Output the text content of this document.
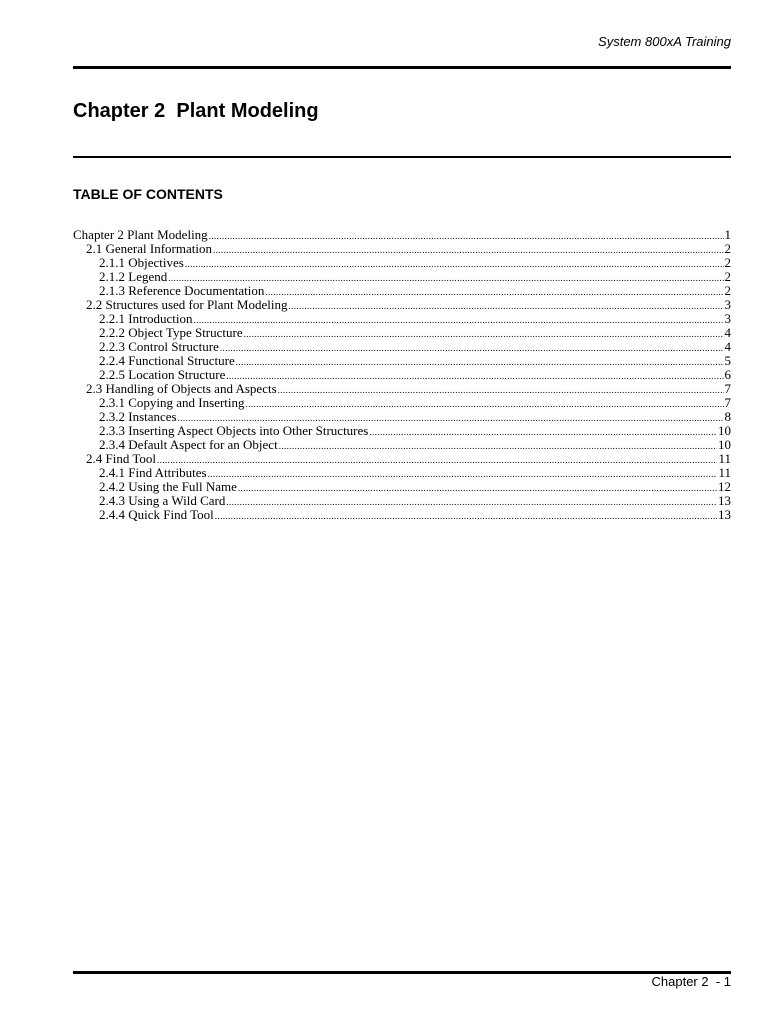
System 800xA Training
Chapter 2  Plant Modeling
TABLE OF CONTENTS
Chapter 2 Plant Modeling .....	1
2.1 General Information .....	2
2.1.1 Objectives .....	2
2.1.2 Legend .....	2
2.1.3 Reference Documentation .....	2
2.2 Structures used for Plant Modeling .....	3
2.2.1 Introduction .....	3
2.2.2 Object Type Structure .....	4
2.2.3 Control Structure .....	4
2.2.4 Functional Structure .....	5
2.2.5 Location Structure .....	6
2.3 Handling of Objects and Aspects .....	7
2.3.1 Copying and Inserting .....	7
2.3.2 Instances .....	8
2.3.3 Inserting Aspect Objects into Other Structures .....	10
2.3.4 Default Aspect for an Object .....	10
2.4 Find Tool .....	11
2.4.1 Find Attributes .....	11
2.4.2 Using the Full Name .....	12
2.4.3 Using a Wild Card .....	13
2.4.4 Quick Find Tool .....	13
Chapter 2  - 1
